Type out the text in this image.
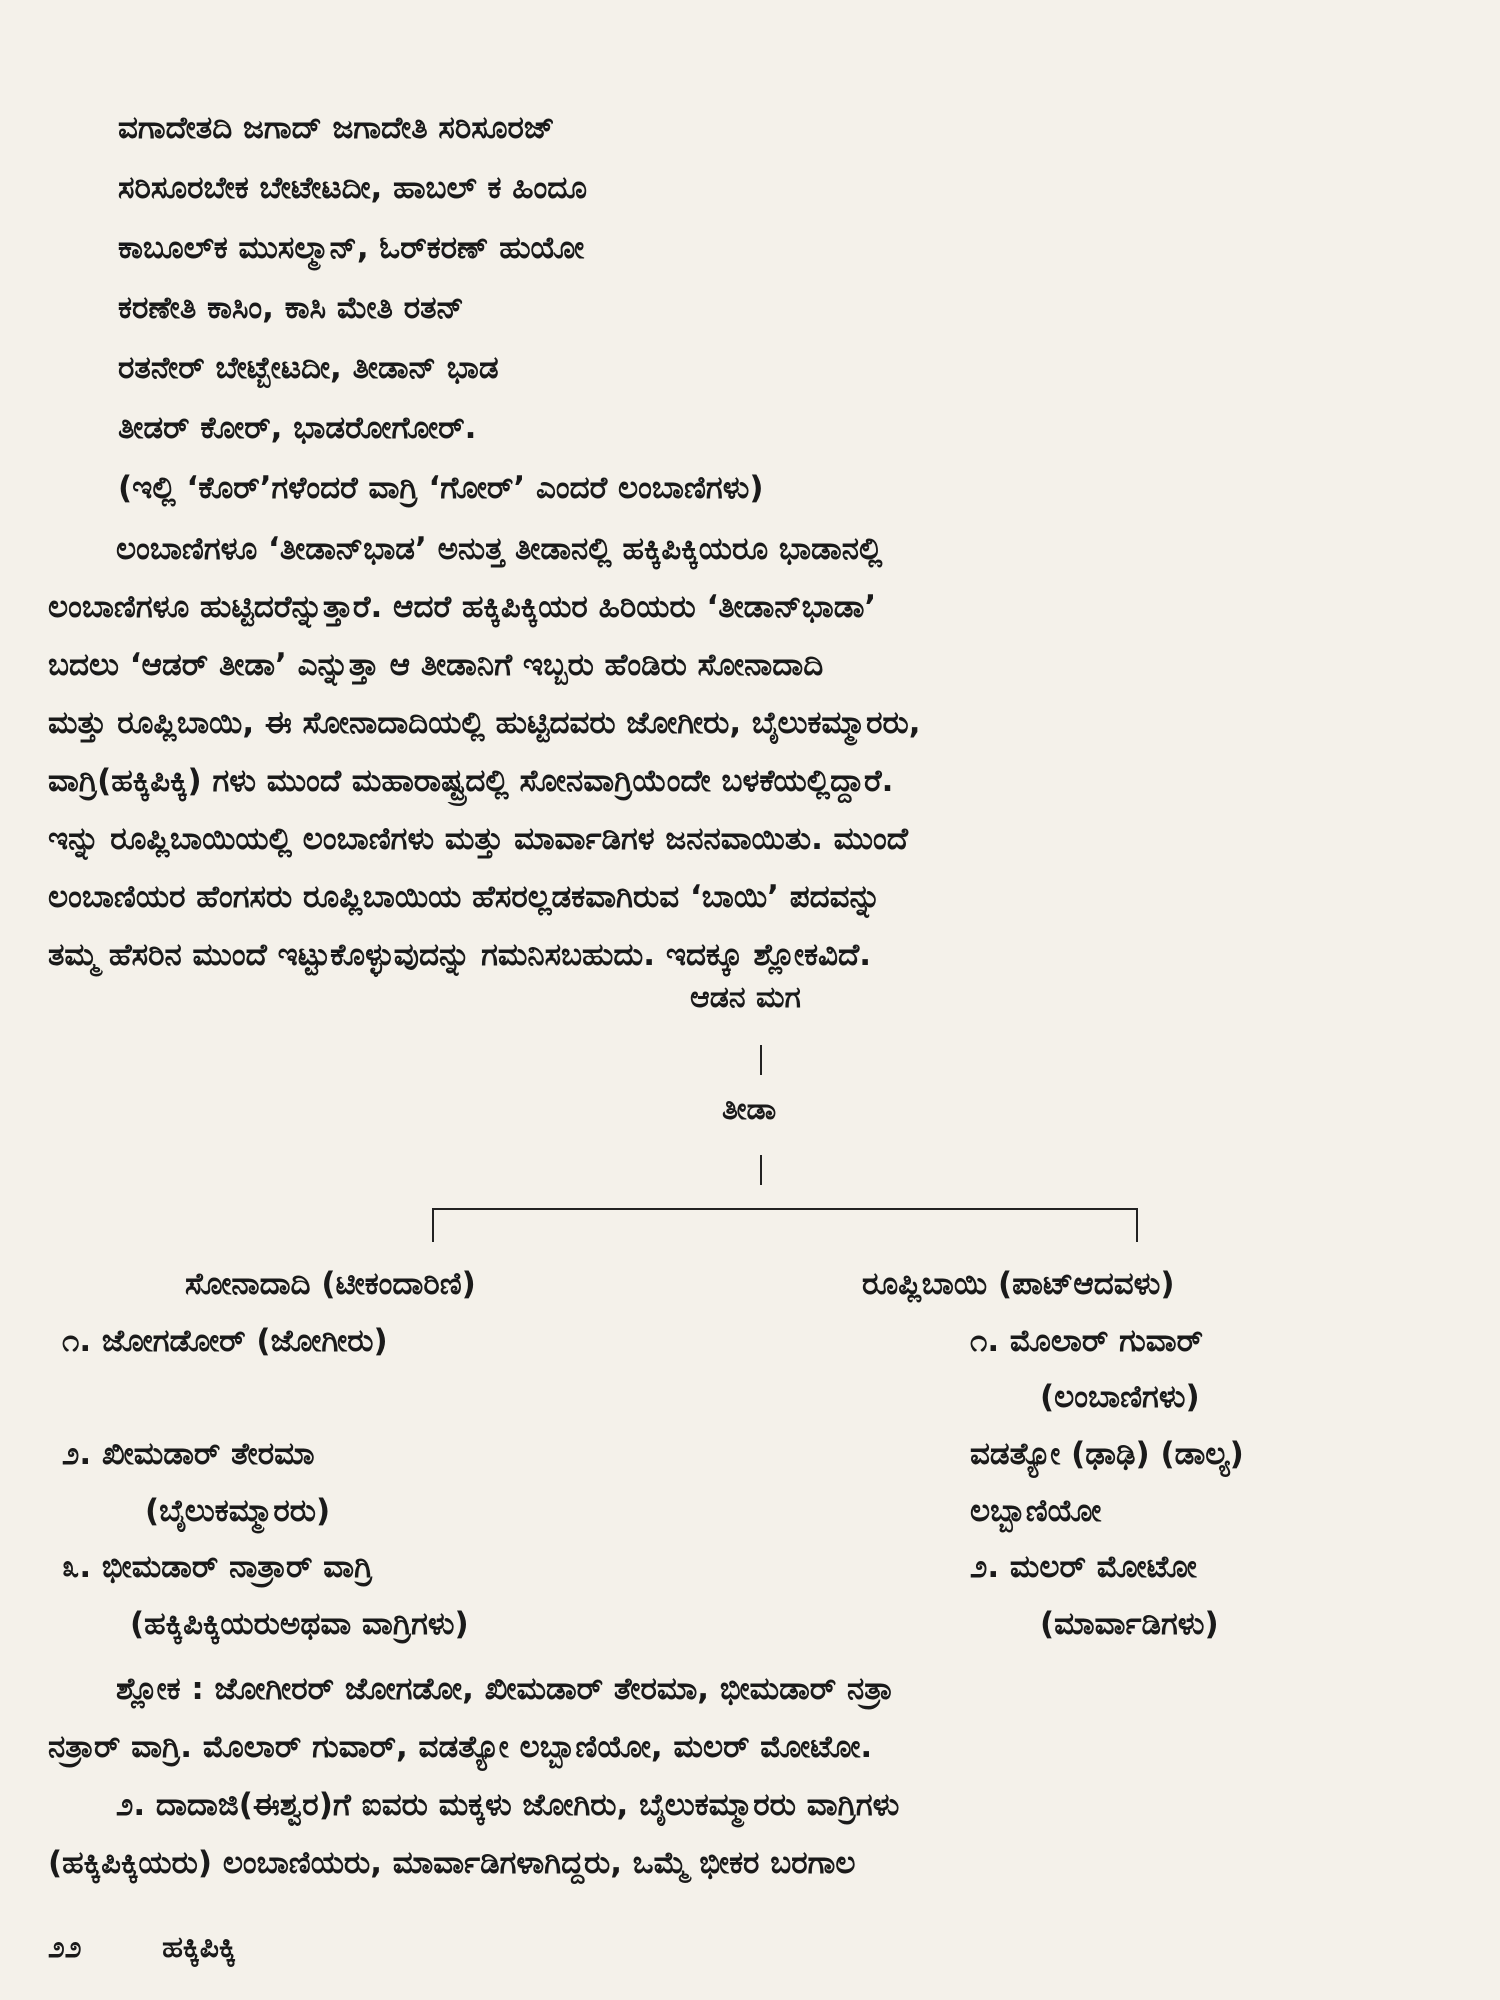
ವಗಾದೇತದಿ ಜಗಾದ್ ಜಗಾದೇತಿ ಸರಿಸೂರಜ್
ಸರಿಸೂರಬೇಕ ಬೇಟೇಟದೀ, ಹಾಬಲ್ ಕ ಹಿಂದೂ
ಕಾಬೂಲ್‌ಕ ಮುಸಲ್ಮಾನ್, ಓರ್‌ಕರಣ್ ಹುಯೋ
ಕರಣೇತಿ ಕಾಸಿಂ, ಕಾಸಿ ಮೇತಿ ರತನ್
ರತನೇರ್ ಬೇಟ್ಬೇಟದೀ, ತೀಡಾನ್ ಭಾಡ
ತೀಡರ್ ಕೋರ್, ಭಾಡರೋಗೋರ್.
(ಇಲ್ಲಿ ‘ಕೊರ್’ಗಳೆಂದರೆ ವಾಗ್ರಿ ‘ಗೋರ್’ ಎಂದರೆ ಲಂಬಾಣಿಗಳು)
ಲಂಬಾಣಿಗಳೂ ‘ತೀಡಾನ್‌ಭಾಡ’ ಅನುತ್ತ ತೀಡಾನಲ್ಲಿ ಹಕ್ಕಿಪಿಕ್ಕಿಯರೂ ಭಾಡಾನಲ್ಲಿ
ಲಂಬಾಣಿಗಳೂ ಹುಟ್ಟಿದರೆನ್ನುತ್ತಾರೆ. ಆದರೆ ಹಕ್ಕಿಪಿಕ್ಕಿಯರ ಹಿರಿಯರು ‘ತೀಡಾನ್‌ಭಾಡಾ’
ಬದಲು ‘ಆಡರ್ ತೀಡಾ’ ಎನ್ನುತ್ತಾ ಆ ತೀಡಾನಿಗೆ ಇಬ್ಬರು ಹೆಂಡಿರು ಸೋನಾದಾದಿ
ಮತ್ತು ರೂಪ್ಲಿಬಾಯಿ, ಈ ಸೋನಾದಾದಿಯಲ್ಲಿ ಹುಟ್ಟಿದವರು ಜೋಗೀರು, ಬೈಲುಕಮ್ಮಾರರು,
ವಾಗ್ರಿ(ಹಕ್ಕಿಪಿಕ್ಕಿ) ಗಳು ಮುಂದೆ ಮಹಾರಾಷ್ಟ್ರದಲ್ಲಿ ಸೋನವಾಗ್ರಿಯೆಂದೇ ಬಳಕೆಯಲ್ಲಿದ್ದಾರೆ.
ಇನ್ನು ರೂಪ್ಲಿಬಾಯಿಯಲ್ಲಿ ಲಂಬಾಣಿಗಳು ಮತ್ತು ಮಾರ್ವಾಡಿಗಳ ಜನನವಾಯಿತು. ಮುಂದೆ
ಲಂಬಾಣಿಯರ ಹೆಂಗಸರು ರೂಪ್ಲಿಬಾಯಿಯ ಹೆಸರಲ್ಲಡಕವಾಗಿರುವ ‘ಬಾಯಿ’ ಪದವನ್ನು
ತಮ್ಮ ಹೆಸರಿನ ಮುಂದೆ ಇಟ್ಟುಕೊಳ್ಳುವುದನ್ನು ಗಮನಿಸಬಹುದು. ಇದಕ್ಕೂ ಶ್ಲೋಕವಿದೆ.
ಆಡನ ಮಗ
ತೀಡಾ
ಸೋನಾದಾದಿ (ಟೀಕಂದಾರಿಣಿ)	ರೂಪ್ಲಿಬಾಯಿ (ಪಾಟ್‌ಆದವಳು)
೧. ಜೋಗಡೋರ್ (ಜೋಗೀರು)
೨. ಖೀಮಡಾರ್ ತೇರಮಾ
(ಬೈಲುಕಮ್ಮಾರರು)
೩. ಭೀಮಡಾರ್ ನಾತ್ರಾರ್ ವಾಗ್ರಿ
(ಹಕ್ಕಿಪಿಕ್ಕಿಯರುಅಥವಾ ವಾಗ್ರಿಗಳು)
೧. ಮೊಲಾರ್ ಗುವಾರ್
(ಲಂಬಾಣಿಗಳು)
ವಡತ್ಯೋ (ಢಾಢಿ) (ಡಾಲ್ಯ)
ಲಬ್ಬಾಣಿಯೋ
೨. ಮಲರ್ ಮೋಟೋ
(ಮಾರ್ವಾಡಿಗಳು)
ಶ್ಲೋಕ : ಜೋಗೀರರ್ ಜೋಗಡೋ, ಖೀಮಡಾರ್ ತೇರಮಾ, ಭೀಮಡಾರ್ ನತ್ರಾ
ನತ್ರಾರ್ ವಾಗ್ರಿ. ಮೊಲಾರ್ ಗುವಾರ್, ವಡತ್ಯೋ ಲಬ್ಬಾಣಿಯೋ, ಮಲರ್ ಮೋಟೋ.
೨. ದಾದಾಜಿ(ಈಶ್ವರ)ಗೆ ಐವರು ಮಕ್ಕಳು ಜೋಗಿರು, ಬೈಲುಕಮ್ಮಾರರು ವಾಗ್ರಿಗಳು
(ಹಕ್ಕಿಪಿಕ್ಕಿಯರು) ಲಂಬಾಣಿಯರು, ಮಾರ್ವಾಡಿಗಳಾಗಿದ್ದರು, ಒಮ್ಮೆ ಭೀಕರ ಬರಗಾಲ
೨೨	ಹಕ್ಕಿಪಿಕ್ಕಿ
